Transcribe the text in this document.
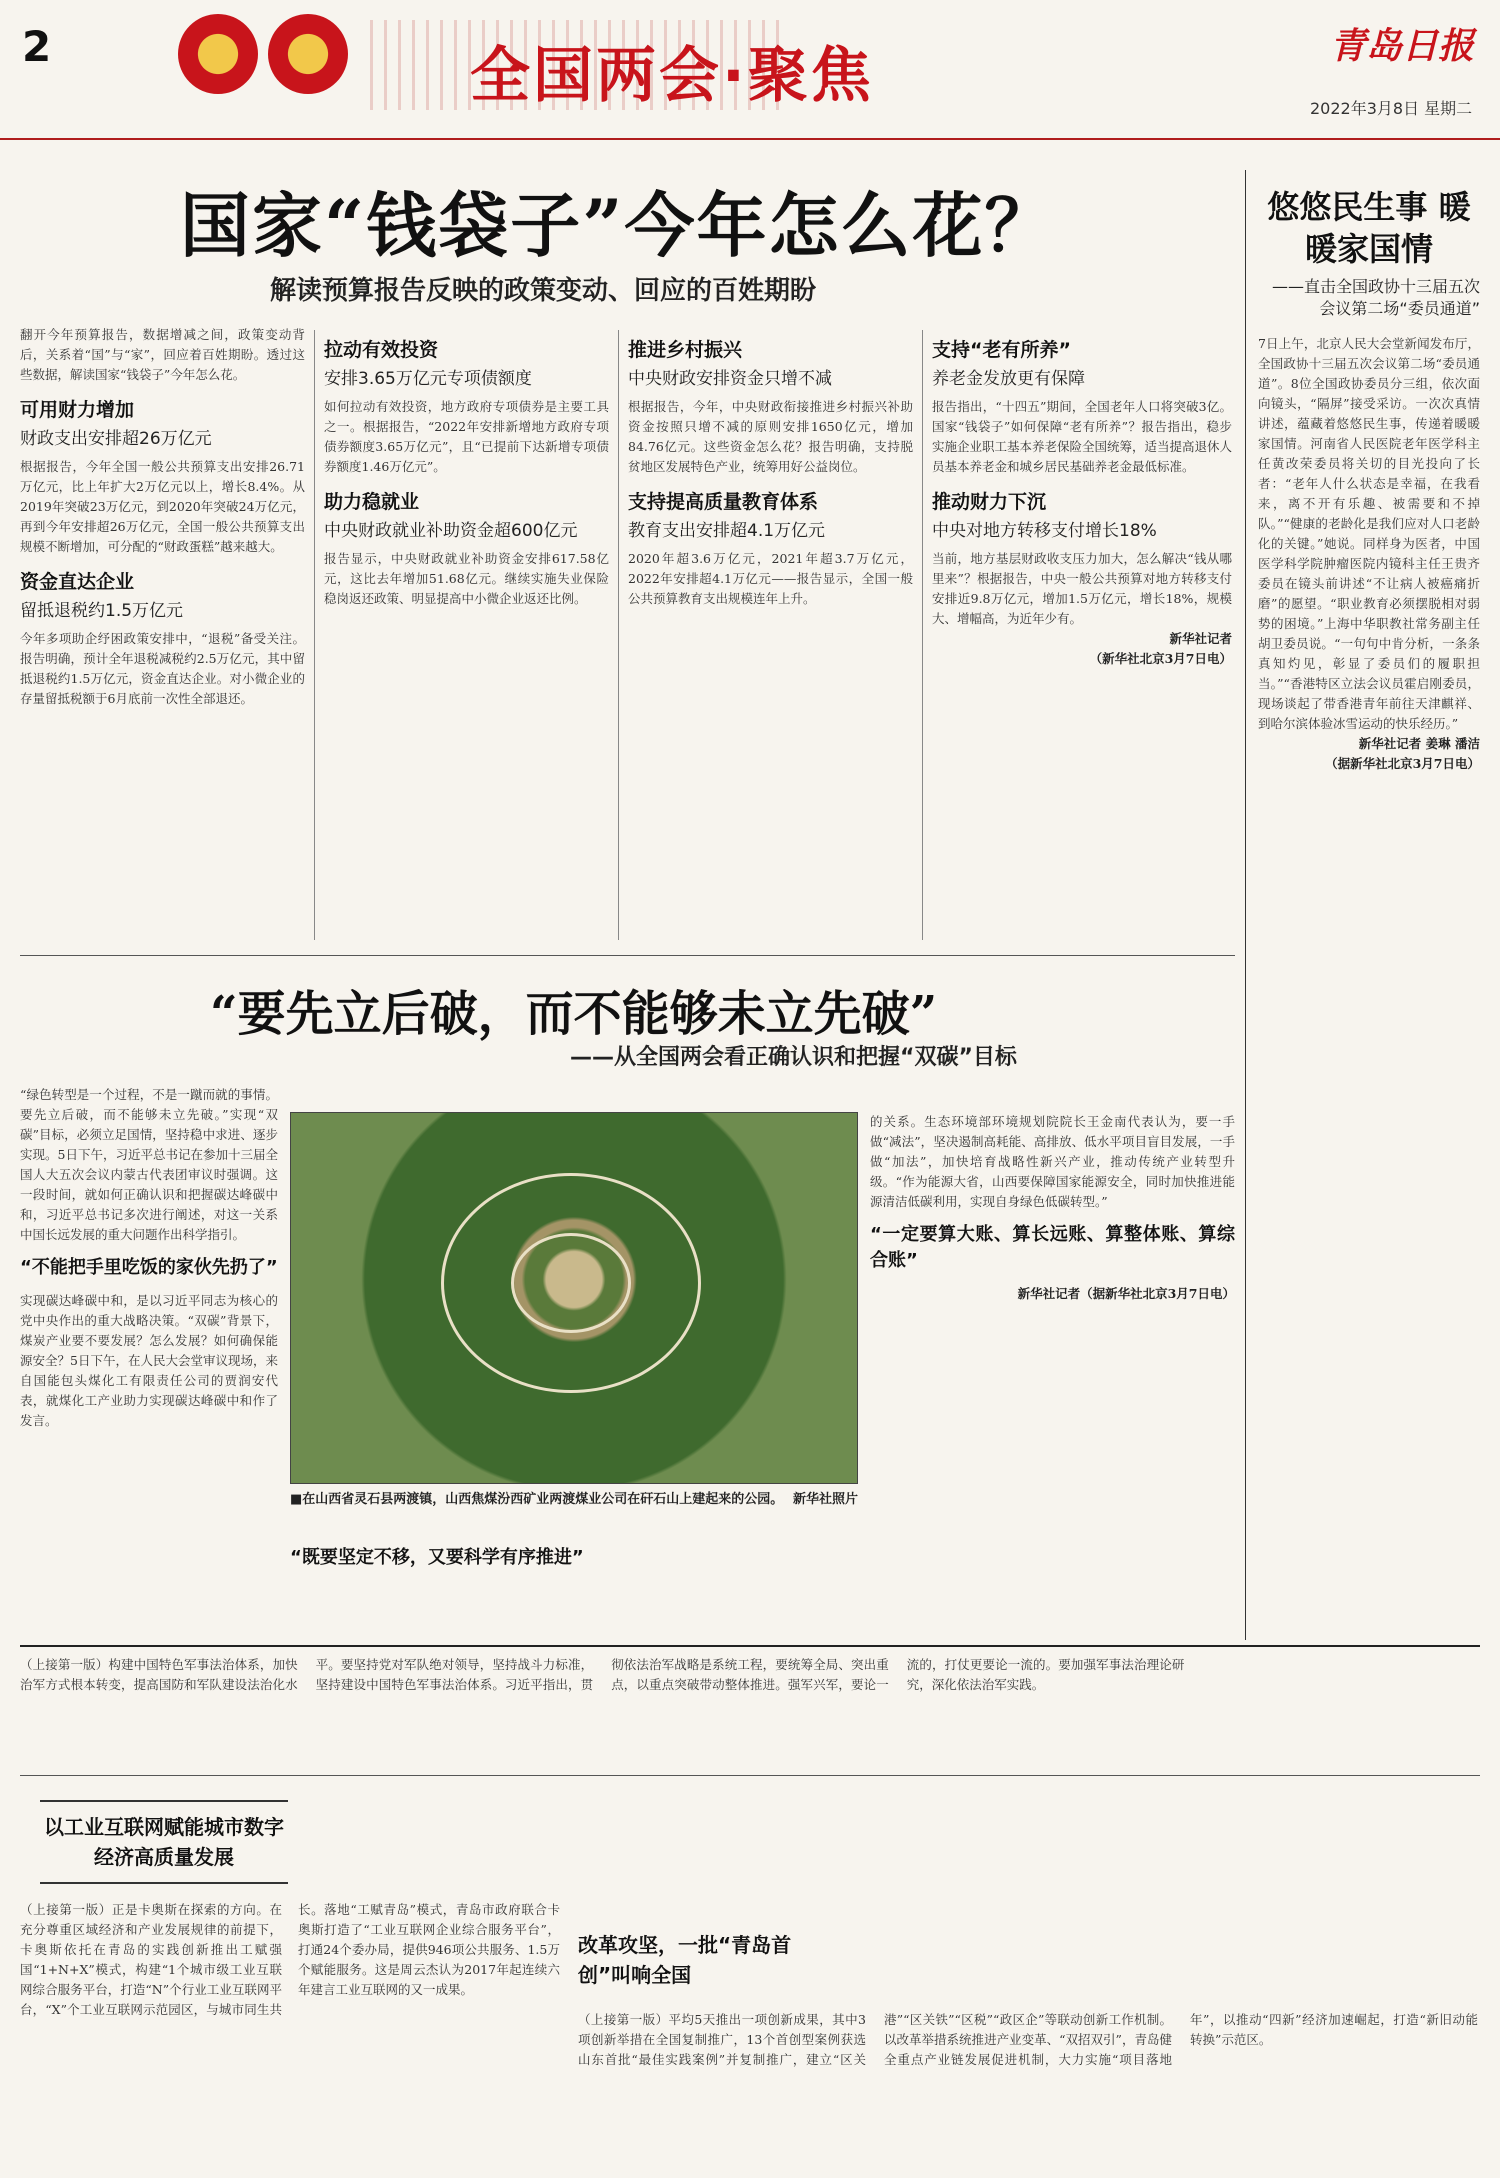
2	全国两会·聚焦	青岛日报
2022年3月8日 星期二
国家“钱袋子”今年怎么花？
解读预算报告反映的政策变动、回应的百姓期盼

翻开今年预算报告，数据增减之间，政策变动背后，关系着“国”与“家”，回应着百姓期盼。透过这些数据，解读国家“钱袋子”今年怎么花。

可用财力增加
财政支出安排超26万亿元

根据报告，今年全国一般公共预算支出安排26.71万亿元，比上年扩大2万亿元以上，增长8.4%。从2019年突破23万亿元，到2020年突破24万亿元，再到今年安排超26万亿元，全国一般公共预算支出规模不断增加，可分配的“财政蛋糕”越来越大。

资金直达企业
留抵退税约1.5万亿元

今年多项助企纾困政策安排中，“退税”备受关注。报告明确，预计全年退税减税约2.5万亿元，其中留抵退税约1.5万亿元，资金直达企业。对小微企业的存量留抵税额于6月底前一次性全部退还。

拉动有效投资
安排3.65万亿元专项债额度

如何拉动有效投资，地方政府专项债券是主要工具之一。根据报告，“2022年安排新增地方政府专项债券额度3.65万亿元”，且“已提前下达新增专项债券额度1.46万亿元”。

助力稳就业
中央财政就业补助资金超600亿元

报告显示，中央财政就业补助资金安排617.58亿元，这比去年增加51.68亿元。继续实施失业保险稳岗返还政策、明显提高中小微企业返还比例。

推进乡村振兴
中央财政安排资金只增不减

根据报告，今年，中央财政衔接推进乡村振兴补助资金按照只增不减的原则安排1650亿元，增加84.76亿元。这些资金怎么花？报告明确，支持脱贫地区发展特色产业，统筹用好公益岗位。

支持提高质量教育体系
教育支出安排超4.1万亿元

2020年超3.6万亿元，2021年超3.7万亿元，2022年安排超4.1万亿元——报告显示，全国一般公共预算教育支出规模连年上升。

支持“老有所养”
养老金发放更有保障

报告指出，“十四五”期间，全国老年人口将突破3亿。国家“钱袋子”如何保障“老有所养”？报告指出，稳步实施企业职工基本养老保险全国统筹，适当提高退休人员基本养老金和城乡居民基础养老金最低标准。

推动财力下沉
中央对地方转移支付增长18%

当前，地方基层财政收支压力加大，怎么解决“钱从哪里来”？根据报告，中央一般公共预算对地方转移支付安排近9.8万亿元，增加1.5万亿元，增长18%，规模大、增幅高，为近年少有。

新华社记者

（新华社北京3月7日电）

悠悠民生事 暖暖家国情
——直击全国政协十三届五次会议第二场“委员通道”

7日上午，北京人民大会堂新闻发布厅，全国政协十三届五次会议第二场“委员通道”。8位全国政协委员分三组，依次面向镜头，“隔屏”接受采访。一次次真情讲述，蕴藏着悠悠民生事，传递着暖暖家国情。河南省人民医院老年医学科主任黄改荣委员将关切的目光投向了长者：“老年人什么状态是幸福，在我看来，离不开有乐趣、被需要和不掉队。”“健康的老龄化是我们应对人口老龄化的关键。”她说。同样身为医者，中国医学科学院肿瘤医院内镜科主任王贵齐委员在镜头前讲述“不让病人被癌痛折磨”的愿望。“职业教育必须摆脱相对弱势的困境。”上海中华职教社常务副主任胡卫委员说。“一句句中肯分析，一条条真知灼见，彰显了委员们的履职担当。”“香港特区立法会议员霍启刚委员，现场谈起了带香港青年前往天津麒祥、到哈尔滨体验冰雪运动的快乐经历。”

新华社记者 姜琳 潘洁

（据新华社北京3月7日电）

“要先立后破，而不能够未立先破”
——从全国两会看正确认识和把握“双碳”目标

“绿色转型是一个过程，不是一蹴而就的事情。要先立后破，而不能够未立先破。”实现“双碳”目标，必须立足国情，坚持稳中求进、逐步实现。5日下午，习近平总书记在参加十三届全国人大五次会议内蒙古代表团审议时强调。这一段时间，就如何正确认识和把握碳达峰碳中和，习近平总书记多次进行阐述，对这一关系中国长远发展的重大问题作出科学指引。

“不能把手里吃饭的家伙先扔了”

实现碳达峰碳中和，是以习近平同志为核心的党中央作出的重大战略决策。“双碳”背景下，煤炭产业要不要发展？怎么发展？如何确保能源安全？5日下午，在人民大会堂审议现场，来自国能包头煤化工有限责任公司的贾润安代表，就煤化工产业助力实现碳达峰碳中和作了发言。

■在山西省灵石县两渡镇，山西焦煤汾西矿业两渡煤业公司在矸石山上建起来的公园。 新华社照片
“既要坚定不移，又要科学有序推进”

的关系。生态环境部环境规划院院长王金南代表认为，要一手做“减法”，坚决遏制高耗能、高排放、低水平项目盲目发展，一手做“加法”，加快培育战略性新兴产业，推动传统产业转型升级。“作为能源大省，山西要保障国家能源安全，同时加快推进能源清洁低碳利用，实现自身绿色低碳转型。”

“一定要算大账、算长远账、算整体账、算综合账”

新华社记者（据新华社北京3月7日电）

（上接第一版）构建中国特色军事法治体系，加快治军方式根本转变，提高国防和军队建设法治化水平。要坚持党对军队绝对领导，坚持战斗力标准，坚持建设中国特色军事法治体系。习近平指出，贯彻依法治军战略是系统工程，要统筹全局、突出重点，以重点突破带动整体推进。强军兴军，要论一流的，打仗更要论一流的。要加强军事法治理论研究，深化依法治军实践。

以工业互联网赋能城市数字经济高质量发展

（上接第一版）正是卡奥斯在探索的方向。在充分尊重区域经济和产业发展规律的前提下，卡奥斯依托在青岛的实践创新推出工赋强国“1+N+X”模式，构建“1个城市级工业互联网综合服务平台，打造“N”个行业工业互联网平台，“X”个工业互联网示范园区，与城市同生共长。落地“工赋青岛”模式，青岛市政府联合卡奥斯打造了“工业互联网企业综合服务平台”，打通24个委办局，提供946项公共服务、1.5万个赋能服务。这是周云杰认为2017年起连续六年建言工业互联网的又一成果。

改革攻坚，一批“青岛首创”叫响全国

（上接第一版）平均5天推出一项创新成果，其中3项创新举措在全国复制推广，13个首创型案例获选山东首批“最佳实践案例”并复制推广，建立“区关港”“区关铁”“区税”“政区企”等联动创新工作机制。以改革举措系统推进产业变革、“双招双引”，青岛健全重点产业链发展促进机制，大力实施“项目落地年”，以推动“四新”经济加速崛起，打造“新旧动能转换”示范区。
